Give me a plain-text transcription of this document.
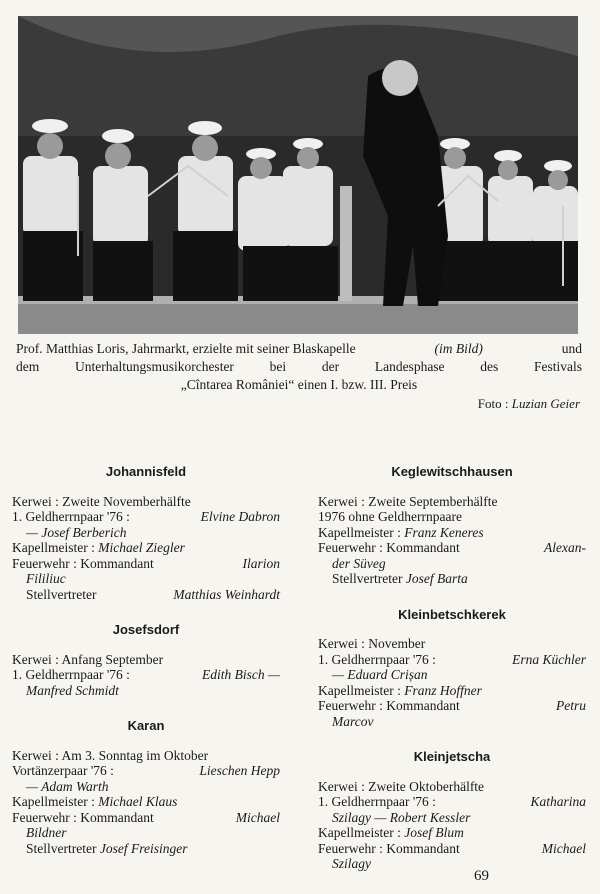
Prof. Matthias Loris, Jahrmarkt, erzielte mit seiner Blaskapelle	(im Bild)	und
dem Unterhaltungsmusikorchester bei der Landesphase des Festivals
„Cîntarea României“ einen I. bzw. III. Preis
Foto : Luzian Geier
Johannisfeld
Kerwei : Zweite Novemberhälfte
1. Geldherrnpaar '76 :	Elvine Dabron
— Josef Berberich
Kapellmeister : Michael Ziegler
Feuerwehr : Kommandant	Ilarion
Fililiuc
Stellvertreter	Matthias Weinhardt
Josefsdorf
Kerwei : Anfang September
1. Geldherrnpaar '76 :	Edith Bisch —
Manfred Schmidt
Karan
Kerwei : Am 3. Sonntag im Oktober
Vortänzerpaar '76 :	Lieschen Hepp
— Adam Warth
Kapellmeister : Michael Klaus
Feuerwehr : Kommandant	Michael
Bildner
Stellvertreter Josef Freisinger
Keglewitschhausen
Kerwei : Zweite Septemberhälfte
1976 ohne Geldherrnpaare
Kapellmeister : Franz Keneres
Feuerwehr : Kommandant	Alexan-
der Süveg
Stellvertreter Josef Barta
Kleinbetschkerek
Kerwei : November
1. Geldherrnpaar '76 :	Erna Küchler
— Eduard Crișan
Kapellmeister : Franz Hoffner
Feuerwehr : Kommandant	Petru
Marcov
Kleinjetscha
Kerwei : Zweite Oktoberhälfte
1. Geldherrnpaar '76 :	Katharina
Szilagy — Robert Kessler
Kapellmeister : Josef Blum
Feuerwehr : Kommandant	Michael
Szilagy
69
